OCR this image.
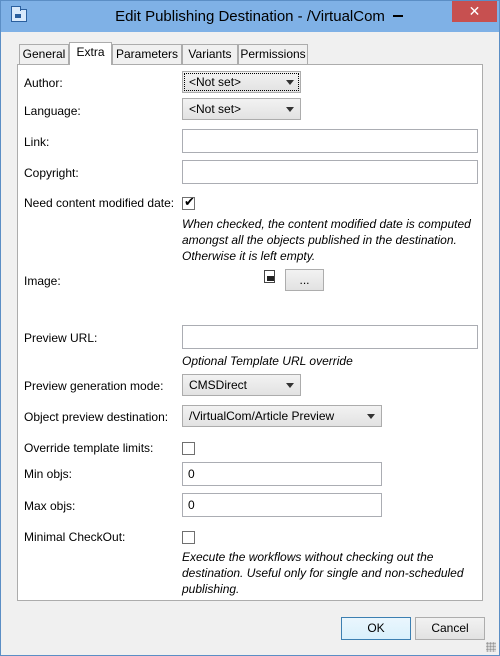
Edit Publishing Destination - /VirtualCom	✕
General Extra Parameters Variants Permissions
Author:	<Not set>
Language:	<Not set>
Link:
Copyright:
Need content modified date: ✔
When checked, the content modified date is computed amongst all the objects published in the destination. Otherwise it is left empty.
Image:	...
Preview URL:
Optional Template URL override
Preview generation mode:	CMSDirect
Object preview destination:	/VirtualCom/Article Preview
Override template limits:
Min objs:
0
Max objs:
0
Minimal CheckOut:
Execute the workflows without checking out the destination. Useful only for single and non-scheduled publishing.
OK	Cancel
